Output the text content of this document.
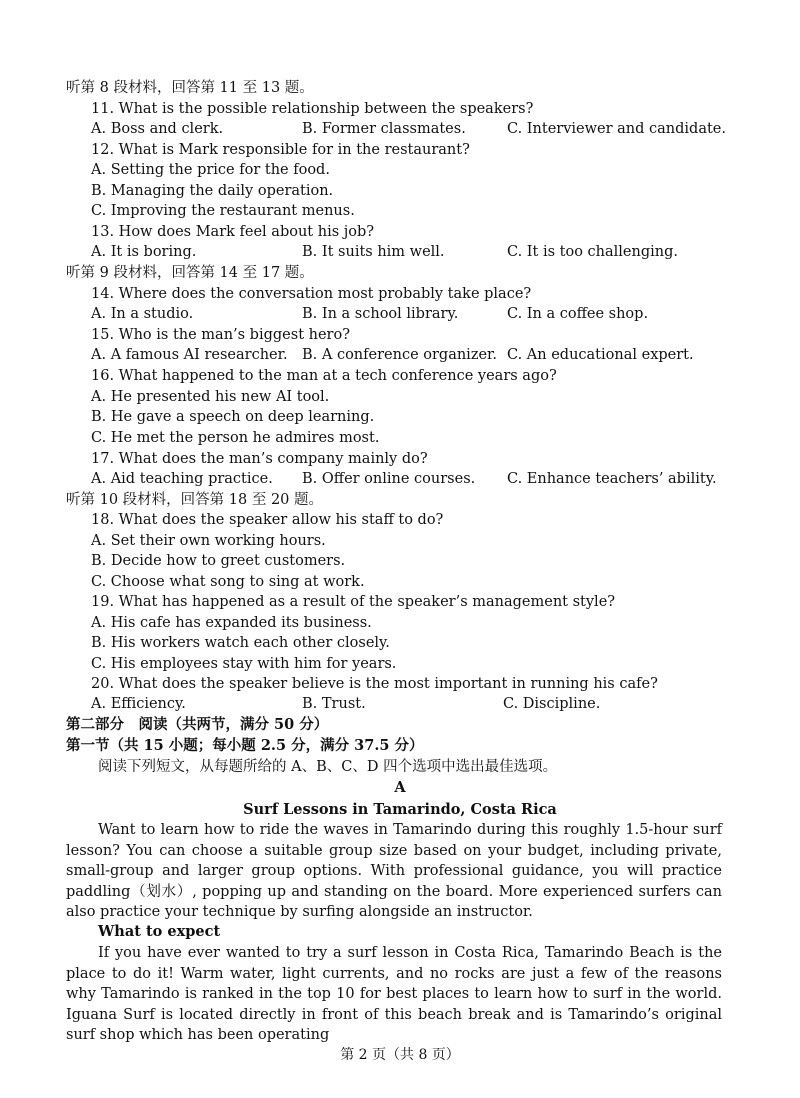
听第 8 段材料，回答第 11 至 13 题。
11. What is the possible relationship between the speakers?
A. Boss and clerk.	B. Former classmates.	C. Interviewer and candidate.
12. What is Mark responsible for in the restaurant?
A. Setting the price for the food.
B. Managing the daily operation.
C. Improving the restaurant menus.
13. How does Mark feel about his job?
A. It is boring.	B. It suits him well.	C. It is too challenging.
听第 9 段材料，回答第 14 至 17 题。
14. Where does the conversation most probably take place?
A. In a studio.	B. In a school library.	C. In a coffee shop.
15. Who is the man’s biggest hero?
A. A famous AI researcher. B. A conference organizer. C. An educational expert.
16. What happened to the man at a tech conference years ago?
A. He presented his new AI tool.
B. He gave a speech on deep learning.
C. He met the person he admires most.
17. What does the man’s company mainly do?
A. Aid teaching practice. B. Offer online courses. C. Enhance teachers’ ability.
听第 10 段材料，回答第 18 至 20 题。
18. What does the speaker allow his staff to do?
A. Set their own working hours.
B. Decide how to greet customers.
C. Choose what song to sing at work.
19. What has happened as a result of the speaker’s management style?
A. His cafe has expanded its business.
B. His workers watch each other closely.
C. His employees stay with him for years.
20. What does the speaker believe is the most important in running his cafe?
A. Efficiency.	B. Trust.	C. Discipline.
第二部分　阅读（共两节，满分 50 分）
第一节（共 15 小题；每小题 2.5 分，满分 37.5 分）
阅读下列短文，从每题所给的 A、B、C、D 四个选项中选出最佳选项。
A
Surf Lessons in Tamarindo, Costa Rica
Want to learn how to ride the waves in Tamarindo during this roughly 1.5-hour surf lesson? You can choose a suitable group size based on your budget, including private, small-group and larger group options. With professional guidance, you will practice paddling（划水）, popping up and standing on the board. More experienced surfers can also practice your technique by surfing alongside an instructor.
What to expect
If you have ever wanted to try a surf lesson in Costa Rica, Tamarindo Beach is the place to do it! Warm water, light currents, and no rocks are just a few of the reasons why Tamarindo is ranked in the top 10 for best places to learn how to surf in the world. Iguana Surf is located directly in front of this beach break and is Tamarindo’s original surf shop which has been operating
第 2 页（共 8 页）
